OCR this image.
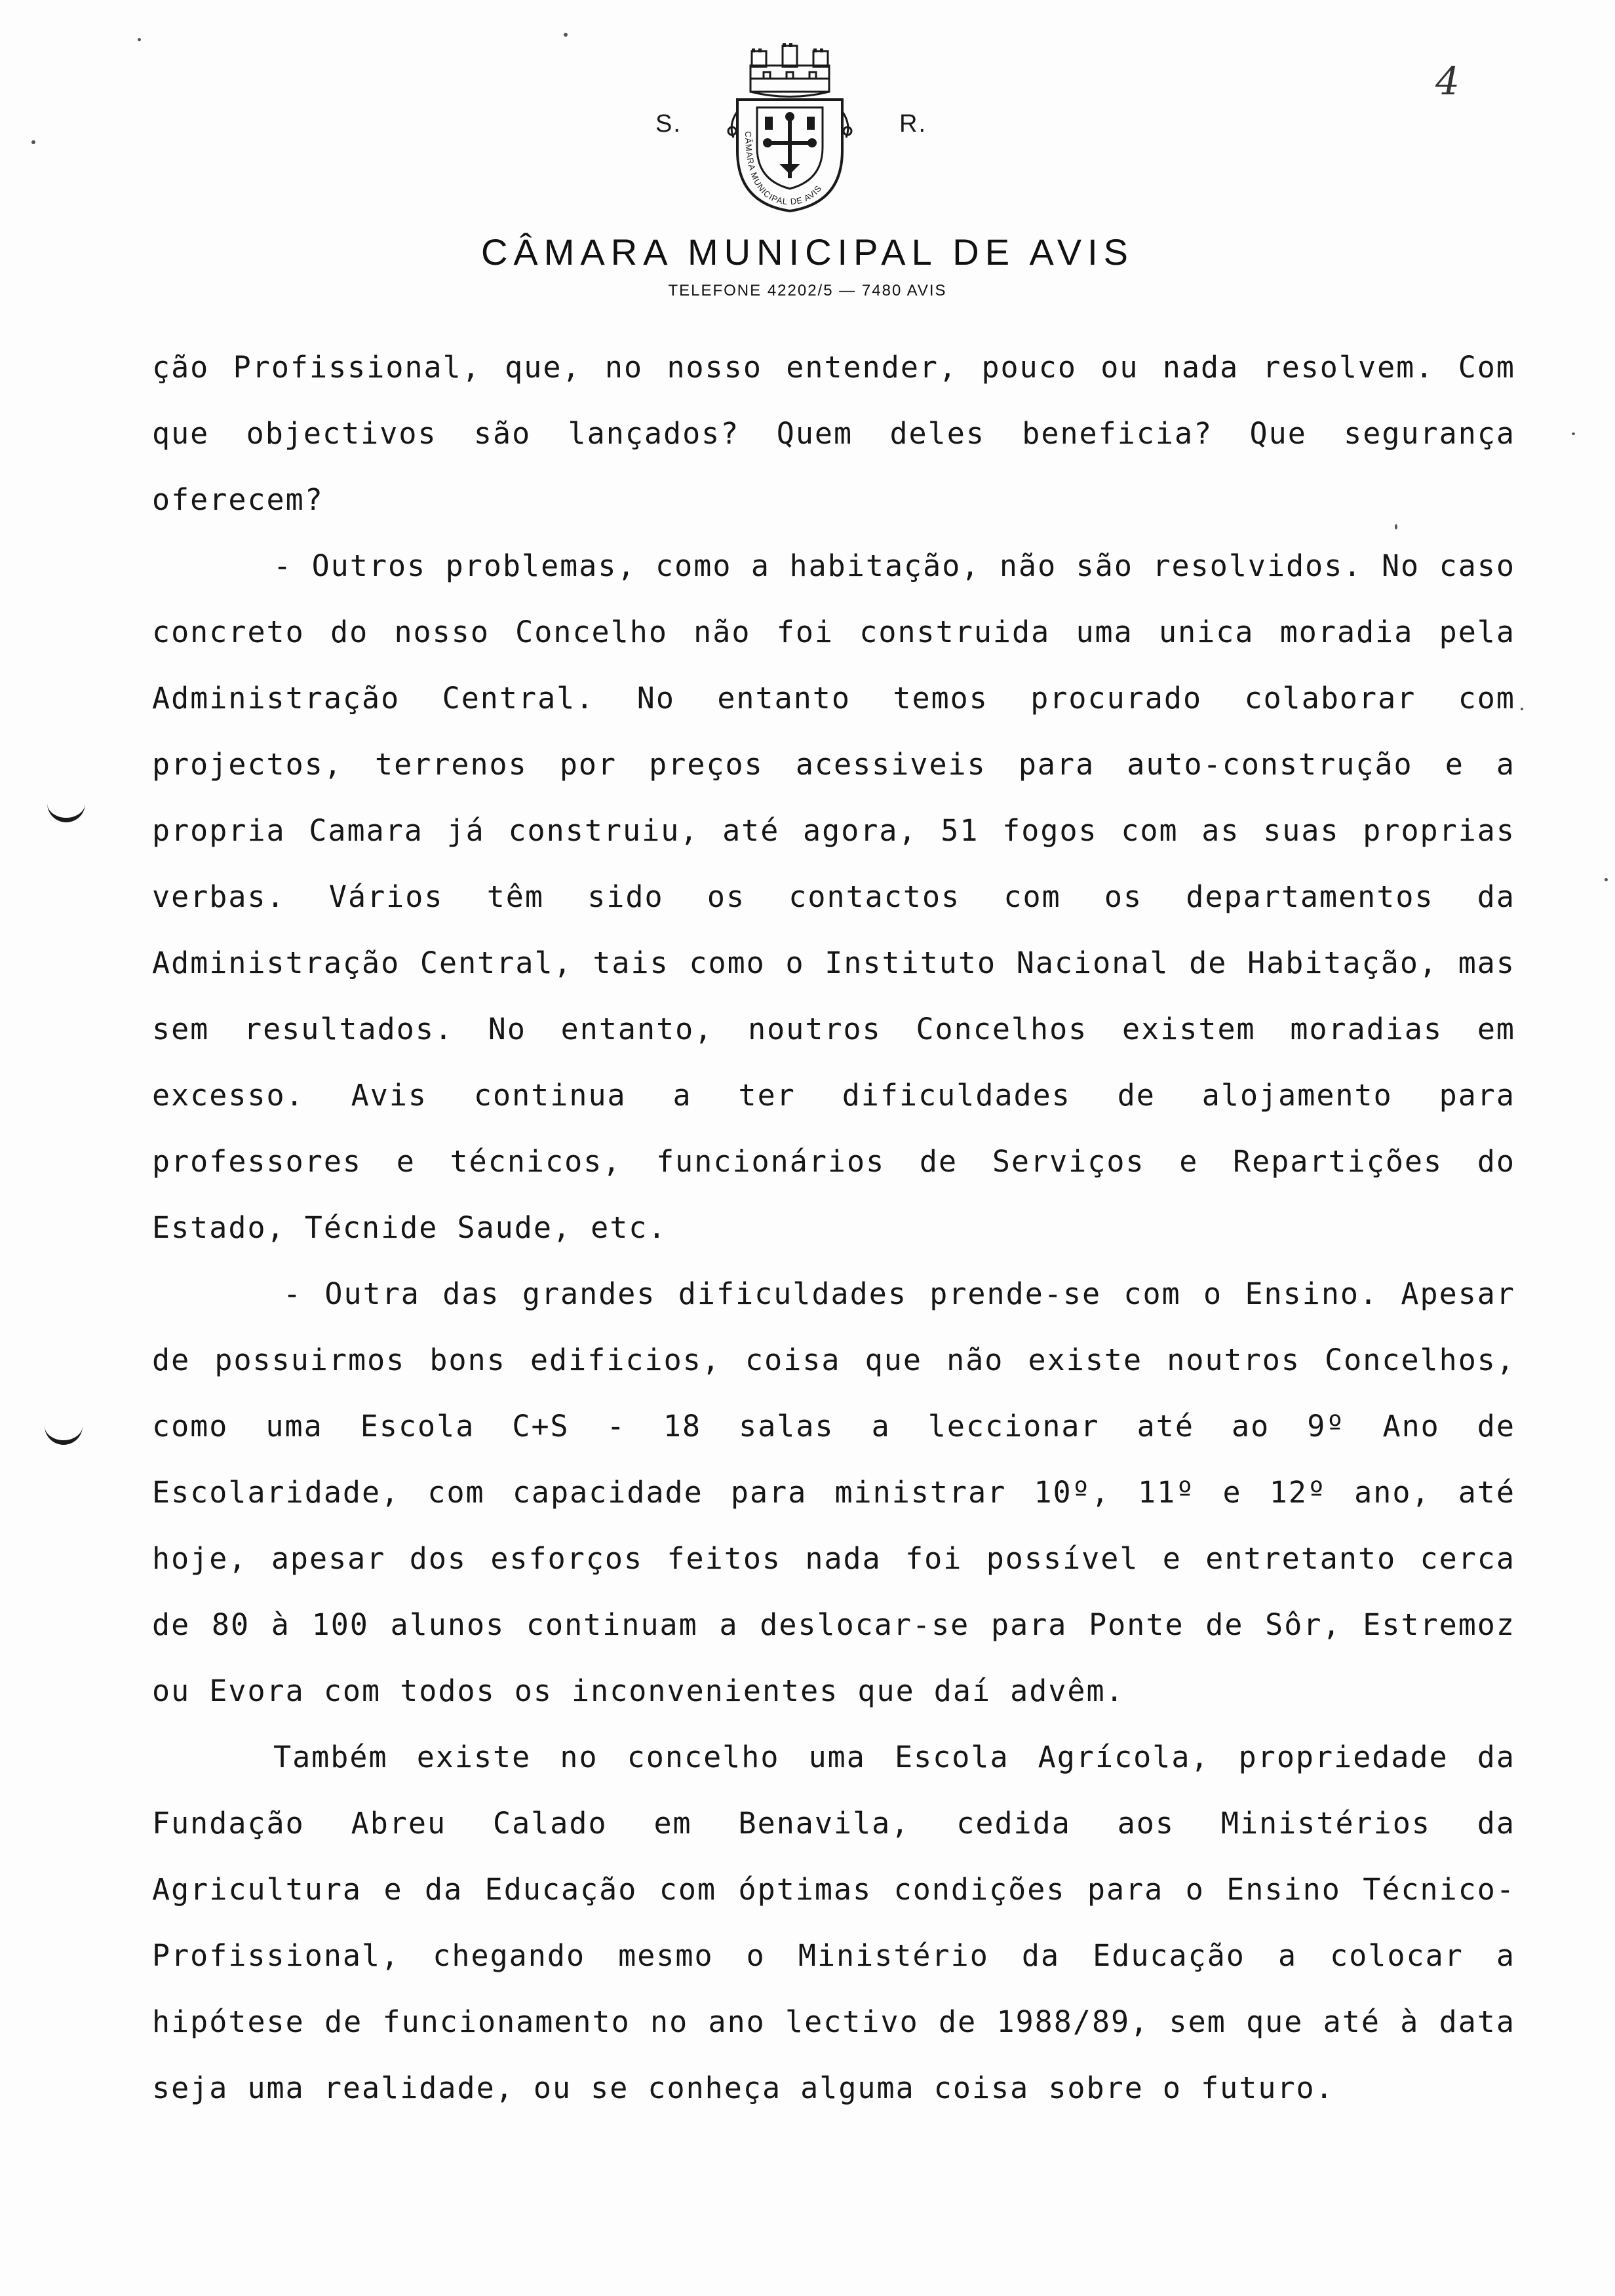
4
S.	CÂMARA MUNICIPAL DE AVIS
R.
CÂMARA MUNICIPAL DE AVIS
TELEFONE 42202/5 — 7480 AVIS

ção Profissional, que, no nosso entender, pouco ou nada resolvem. Com que objectivos são lançados? Quem deles beneficia? Que segurança oferecem?

- Outros problemas, como a habitação, não são resolvidos. No caso concreto do nosso Concelho não foi construida uma unica moradia pela Administração Central. No entanto temos procurado colaborar com projectos, terrenos por preços acessiveis para auto-construção e a propria Camara já construiu, até agora, 51 fogos com as suas proprias verbas. Vários têm sido os contactos com os departamentos da Administração Central, tais como o Instituto Nacional de Habitação, mas sem resultados. No entanto, noutros Concelhos existem moradias em excesso. Avis continua a ter dificuldades de alojamento para professores e técnicos, funcionários de Serviços e Repartições do Estado, Técnide Saude, etc.

- Outra das grandes dificuldades prende-se com o Ensino. Apesar de possuirmos bons edificios, coisa que não existe noutros Concelhos, como uma Escola C+S - 18 salas a leccionar até ao 9º Ano de Escolaridade, com capacidade para ministrar 10º, 11º e 12º ano, até hoje, apesar dos esforços feitos nada foi possível e entretanto cerca de 80 à 100 alunos continuam a deslocar-se para Ponte de Sôr, Estremoz ou Evora com todos os inconvenientes que daí advêm.

Também existe no concelho uma Escola Agrícola, propriedade da Fundação Abreu Calado em Benavila, cedida aos Ministérios da Agricultura e da Educação com óptimas condições para o Ensino Técnico-Profissional, chegando mesmo o Ministério da Educação a colocar a hipótese de funcionamento no ano lectivo de 1988/89, sem que até à data seja uma realidade, ou se conheça alguma coisa sobre o futuro.
